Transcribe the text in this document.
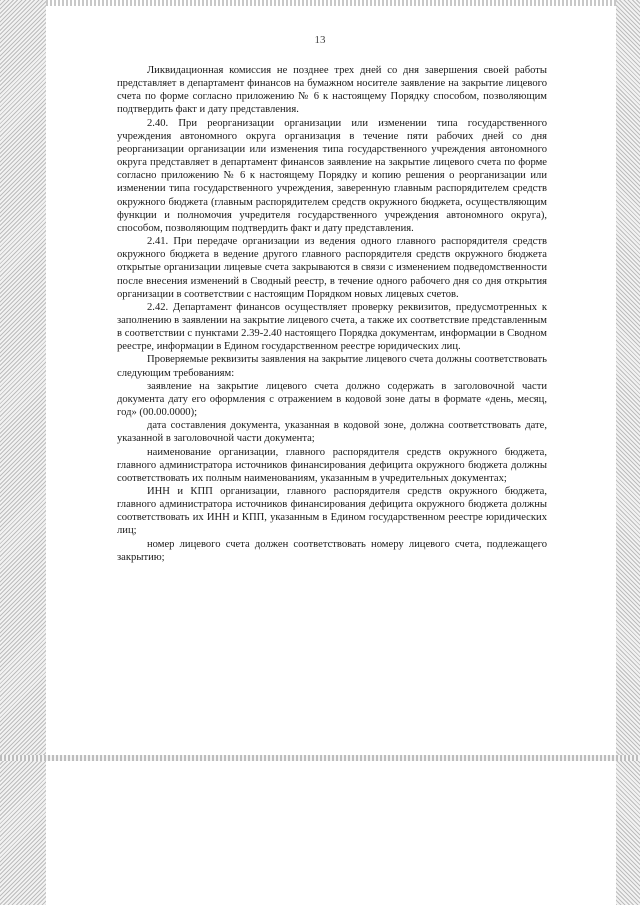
13

Ликвидационная комиссия не позднее трех дней со дня завершения своей работы представляет в департамент финансов на бумажном носителе заявление на закрытие лицевого счета по форме согласно приложению № 6 к настоящему Порядку способом, позволяющим подтвердить факт и дату представления.

2.40. При реорганизации организации или изменении типа государственного учреждения автономного округа организация в течение пяти рабочих дней со дня реорганизации организации или изменения типа государственного учреждения автономного округа представляет в департамент финансов заявление на закрытие лицевого счета по форме согласно приложению № 6 к настоящему Порядку и копию решения о реорганизации или изменении типа государственного учреждения, заверенную главным распорядителем средств окружного бюджета (главным распорядителем средств окружного бюджета, осуществляющим функции и полномочия учредителя государственного учреждения автономного округа), способом, позволяющим подтвердить факт и дату представления.

2.41. При передаче организации из ведения одного главного распорядителя средств окружного бюджета в ведение другого главного распорядителя средств окружного бюджета открытые организации лицевые счета закрываются в связи с изменением подведомственности после внесения изменений в Сводный реестр, в течение одного рабочего дня со дня открытия организации в соответствии с настоящим Порядком новых лицевых счетов.

2.42. Департамент финансов осуществляет проверку реквизитов, предусмотренных к заполнению в заявлении на закрытие лицевого счета, а также их соответствие представленным в соответствии с пунктами 2.39-2.40 настоящего Порядка документам, информации в Сводном реестре, информации в Едином государственном реестре юридических лиц.

Проверяемые реквизиты заявления на закрытие лицевого счета должны соответствовать следующим требованиям:

заявление на закрытие лицевого счета должно содержать в заголовочной части документа дату его оформления с отражением в кодовой зоне даты в формате «день, месяц, год» (00.00.0000);

дата составления документа, указанная в кодовой зоне, должна соответствовать дате, указанной в заголовочной части документа;

наименование организации, главного распорядителя средств окружного бюджета, главного администратора источников финансирования дефицита окружного бюджета должны соответствовать их полным наименованиям, указанным в учредительных документах;

ИНН и КПП организации, главного распорядителя средств окружного бюджета, главного администратора источников финансирования дефицита окружного бюджета должны соответствовать их ИНН и КПП, указанным в Едином государственном реестре юридических лиц;

номер лицевого счета должен соответствовать номеру лицевого счета, подлежащего закрытию;
